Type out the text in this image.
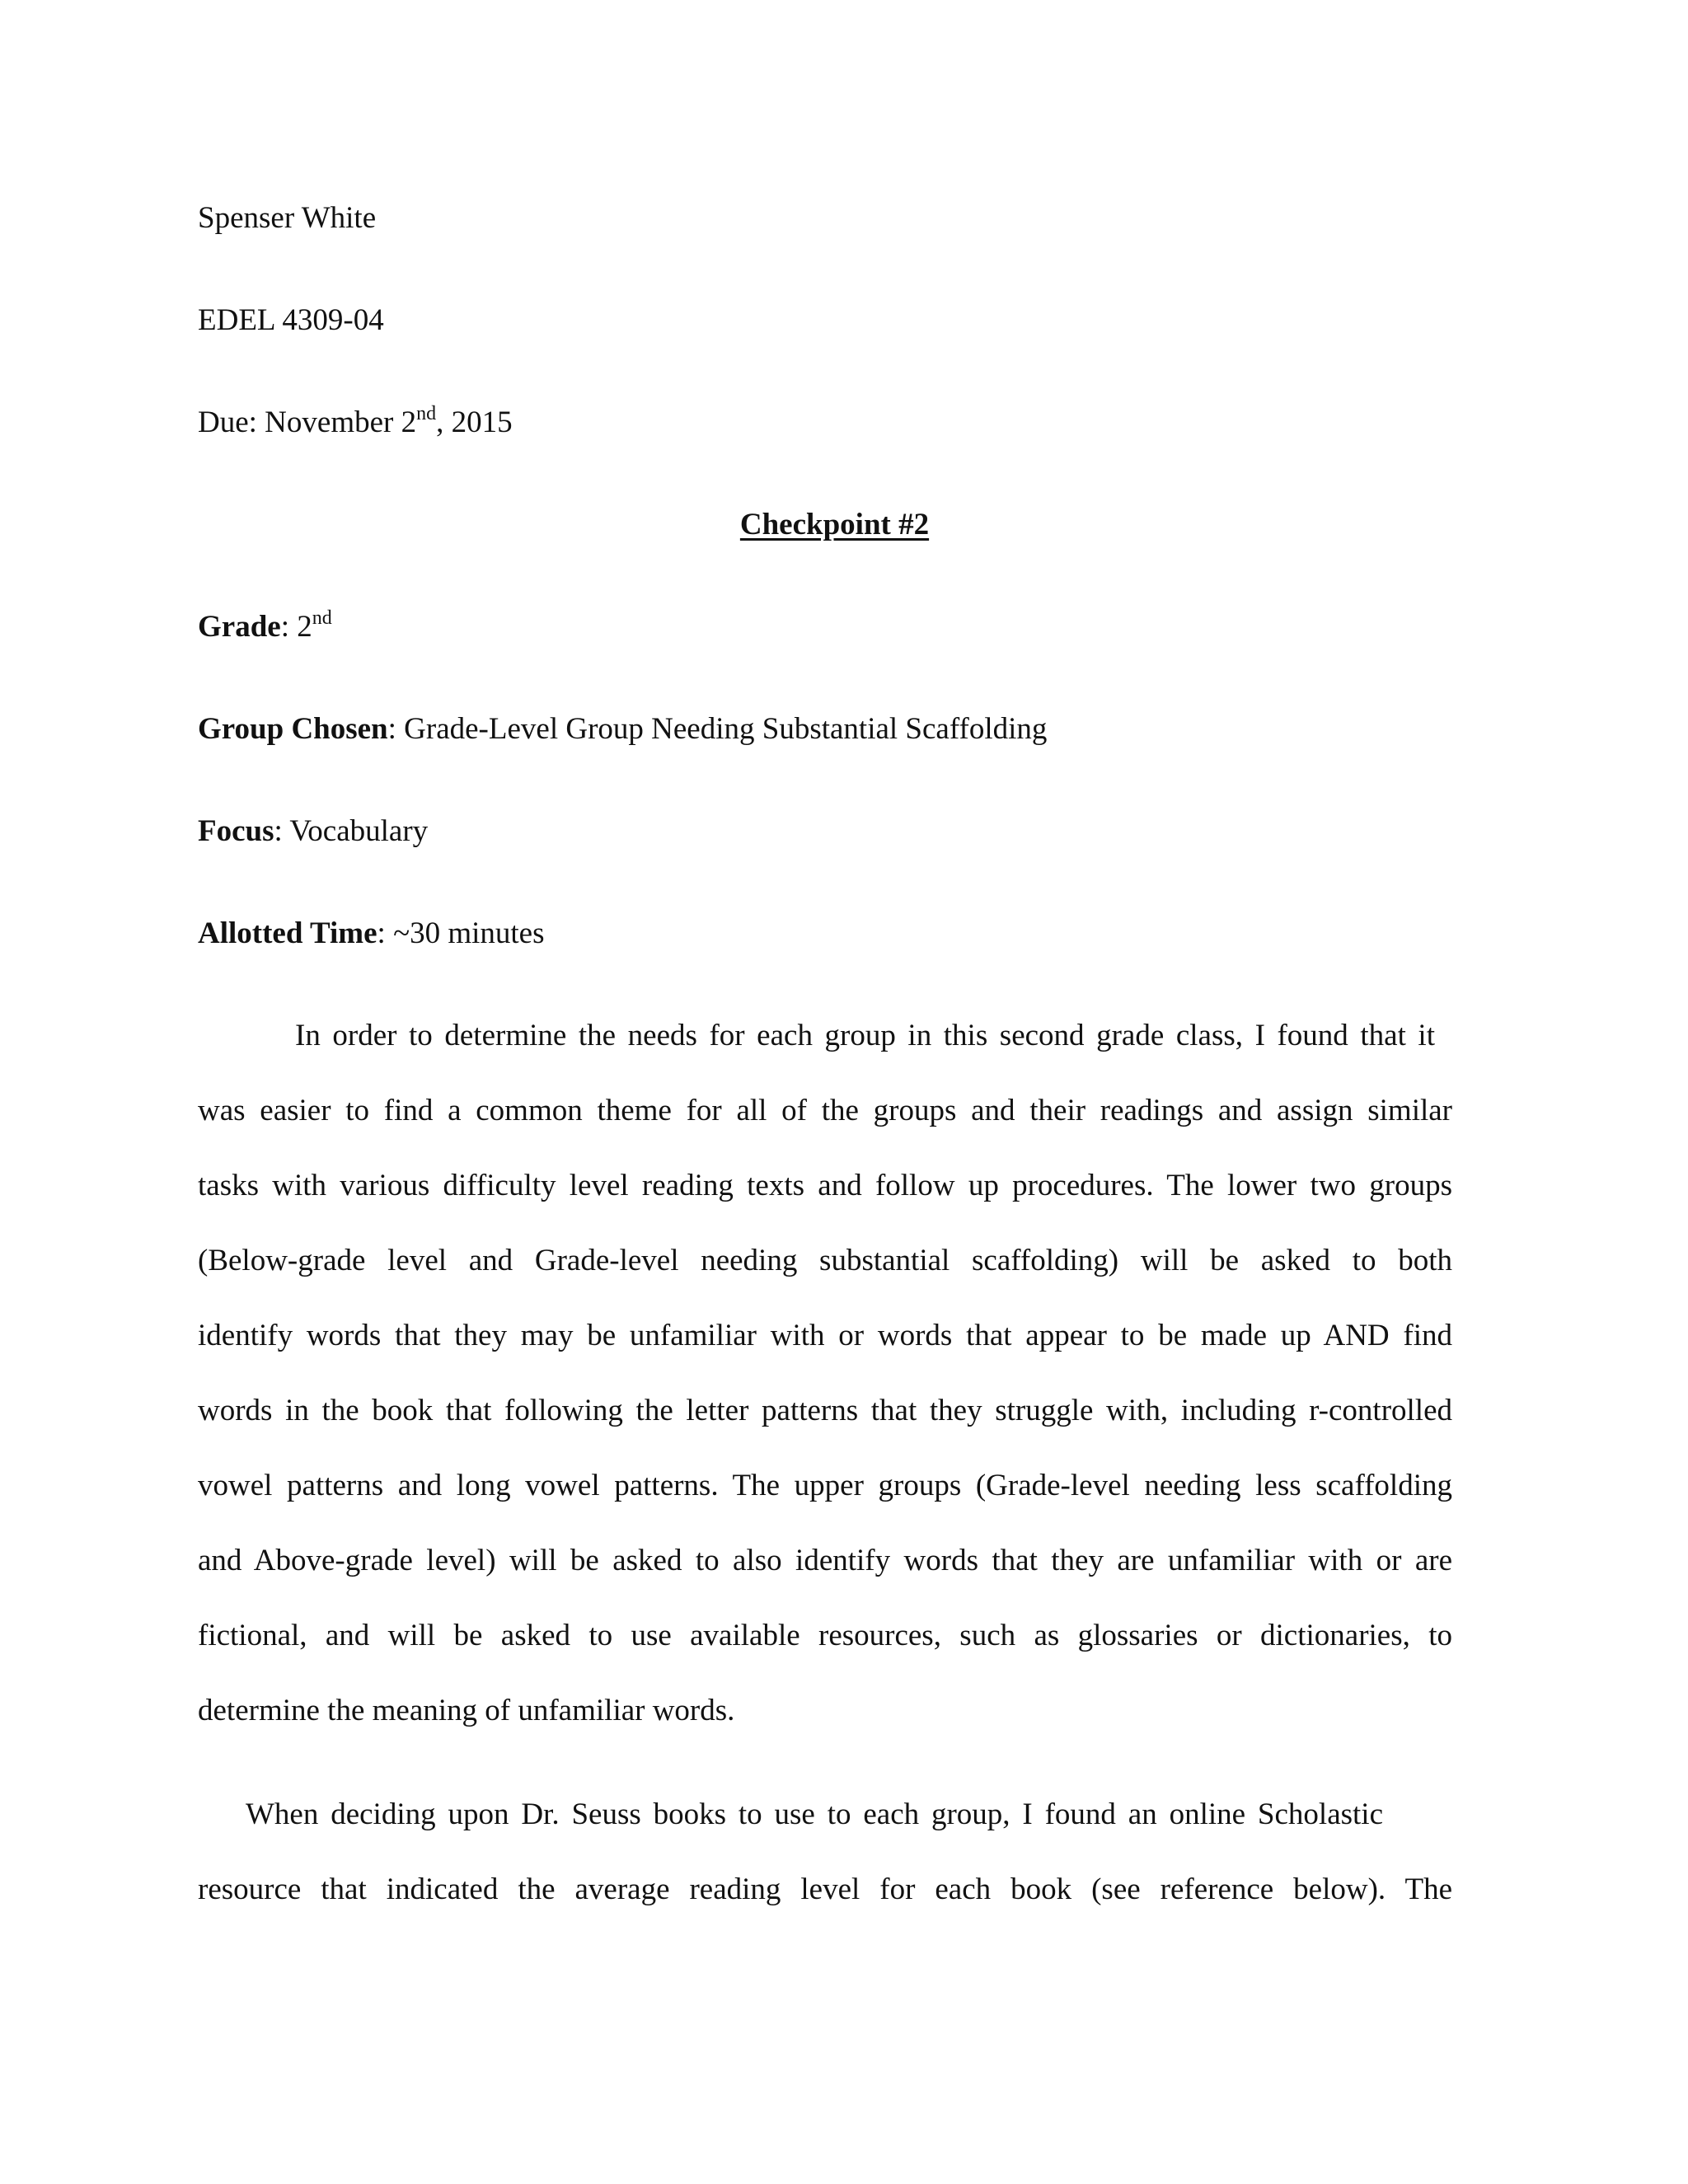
Spenser White
EDEL 4309-04
Due: November 2nd, 2015
Checkpoint #2
Grade: 2nd
Group Chosen: Grade-Level Group Needing Substantial Scaffolding
Focus: Vocabulary
Allotted Time: ~30 minutes
In order to determine the needs for each group in this second grade class, I found that it
was easier to find a common theme for all of the groups and their readings and assign similar
tasks with various difficulty level reading texts and follow up procedures. The lower two groups
(Below-grade level and Grade-level needing substantial scaffolding) will be asked to both
identify words that they may be unfamiliar with or words that appear to be made up AND find
words in the book that following the letter patterns that they struggle with, including r-controlled
vowel patterns and long vowel patterns. The upper groups (Grade-level needing less scaffolding
and Above-grade level) will be asked to also identify words that they are unfamiliar with or are
fictional, and will be asked to use available resources, such as glossaries or dictionaries, to
determine the meaning of unfamiliar words.
When deciding upon Dr. Seuss books to use to each group, I found an online Scholastic
resource that indicated the average reading level for each book (see reference below). The
